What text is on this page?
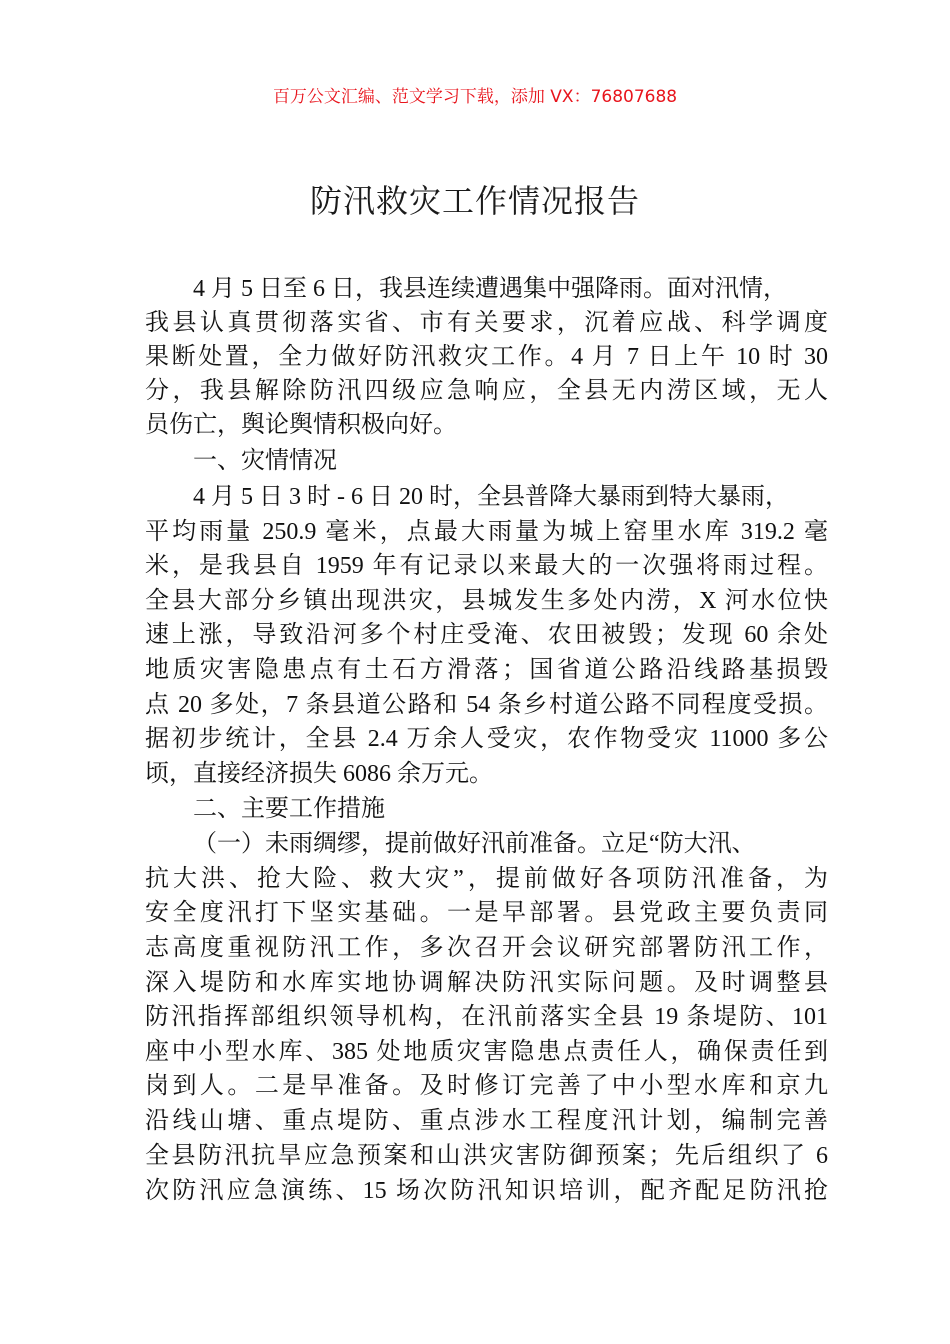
百万公文汇编、范文学习下载，添加 VX：76807688
防汛救灾工作情况报告
4 月 5 日至 6 日，我县连续遭遇集中强降雨。面对汛情，
我县认真贯彻落实省、市有关要求，沉着应战、科学调度
果断处置，全力做好防汛救灾工作。4 月 7 日上午 10 时 30
分，我县解除防汛四级应急响应，全县无内涝区域，无人
员伤亡，舆论舆情积极向好。
一、灾情情况
4 月 5 日 3 时 - 6 日 20 时，全县普降大暴雨到特大暴雨，
平均雨量 250.9 毫米，点最大雨量为城上窑里水库 319.2 毫
米，是我县自 1959 年有记录以来最大的一次强将雨过程。
全县大部分乡镇出现洪灾，县城发生多处内涝，X 河水位快
速上涨，导致沿河多个村庄受淹、农田被毁；发现 60 余处
地质灾害隐患点有土石方滑落；国省道公路沿线路基损毁
点 20 多处，7 条县道公路和 54 条乡村道公路不同程度受损。
据初步统计，全县 2.4 万余人受灾，农作物受灾 11000 多公
顷，直接经济损失 6086 余万元。
二、主要工作措施
（一）未雨绸缪，提前做好汛前准备。立足“防大汛、
抗大洪、抢大险、救大灾”，提前做好各项防汛准备，为
安全度汛打下坚实基础。一是早部署。县党政主要负责同
志高度重视防汛工作，多次召开会议研究部署防汛工作，
深入堤防和水库实地协调解决防汛实际问题。及时调整县
防汛指挥部组织领导机构，在汛前落实全县 19 条堤防、101
座中小型水库、385 处地质灾害隐患点责任人，确保责任到
岗到人。二是早准备。及时修订完善了中小型水库和京九
沿线山塘、重点堤防、重点涉水工程度汛计划，编制完善
全县防汛抗旱应急预案和山洪灾害防御预案；先后组织了 6
次防汛应急演练、15 场次防汛知识培训，配齐配足防汛抢
